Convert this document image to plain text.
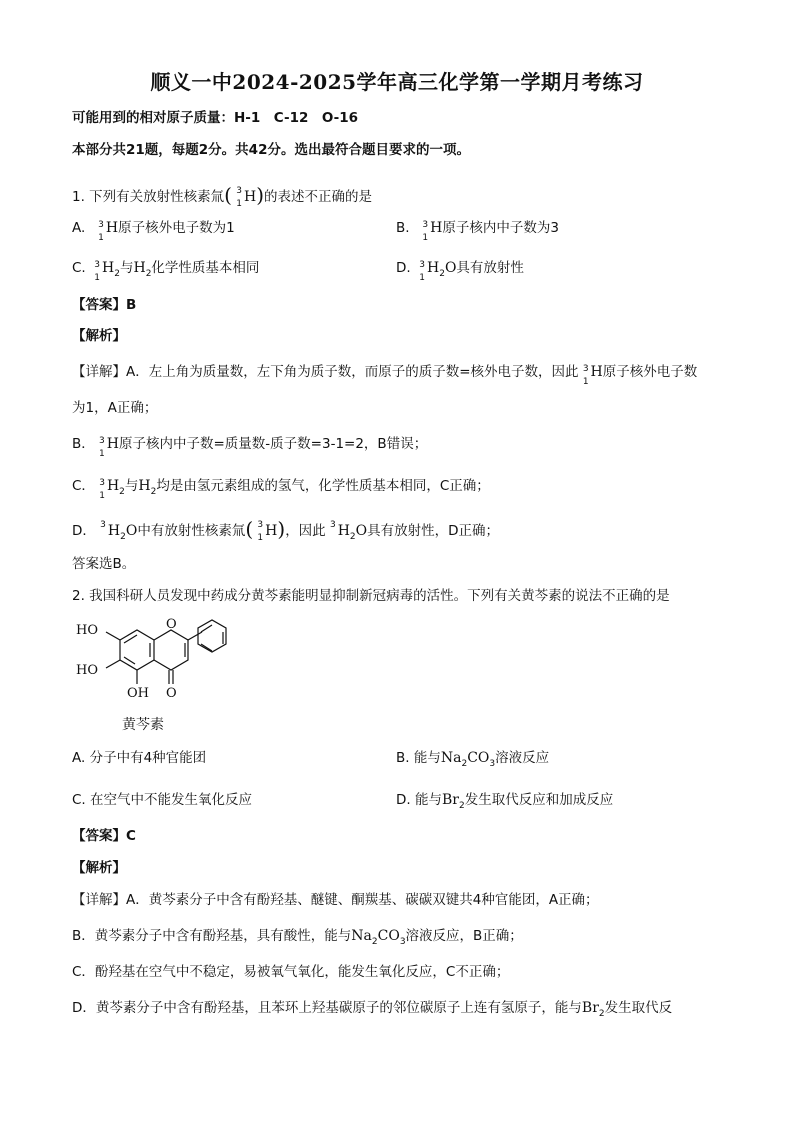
顺义一中2024-2025学年高三化学第一学期月考练习
可能用到的相对原子质量：H-1　C-12　O-16
本部分共21题，每题2分。共42分。选出最符合题目要求的一项。
1. 下列有关放射性核素氚( 3
1 H)的表述不正确的是
A. 3
1
H原子核外电子数为1	B. 3
1
H原子核内中子数为3
C. 3
1
$H_2$与$H_2$化学性质基本相同	D. 3
1
$H_2O$具有放射性
【答案】B
【解析】
【详解】A．左上角为质量数，左下角为质子数，而原子的质子数=核外电子数，因此 3
1
H原子核外电子数
为1，A正确；
B． 3
1
H原子核内中子数=质量数-质子数=3-1=2，B错误；
C． 3
1
$H_2$与$H_2$均是由氢元素组成的氢气，化学性质基本相同，C正确；
D． 3 $H_2O$中有放射性核素氚( 3
1 H)，因此 3 $H_2O$具有放射性，D正确；
答案选B。
2. 我国科研人员发现中药成分黄芩素能明显抑制新冠病毒的活性。下列有关黄芩素的说法不正确的是
HO
HO
OH
O
O
黄芩素
A. 分子中有4种官能团	B. 能与$Na_2CO_3$溶液反应
C. 在空气中不能发生氧化反应	D. 能与$Br_2$发生取代反应和加成反应
【答案】C
【解析】
【详解】A．黄芩素分子中含有酚羟基、醚键、酮羰基、碳碳双键共4种官能团，A正确；
B．黄芩素分子中含有酚羟基，具有酸性，能与$Na_2CO_3$溶液反应，B正确；
C．酚羟基在空气中不稳定，易被氧气氧化，能发生氧化反应，C不正确；
D．黄芩素分子中含有酚羟基，且苯环上羟基碳原子的邻位碳原子上连有氢原子，能与$Br_2$发生取代反
